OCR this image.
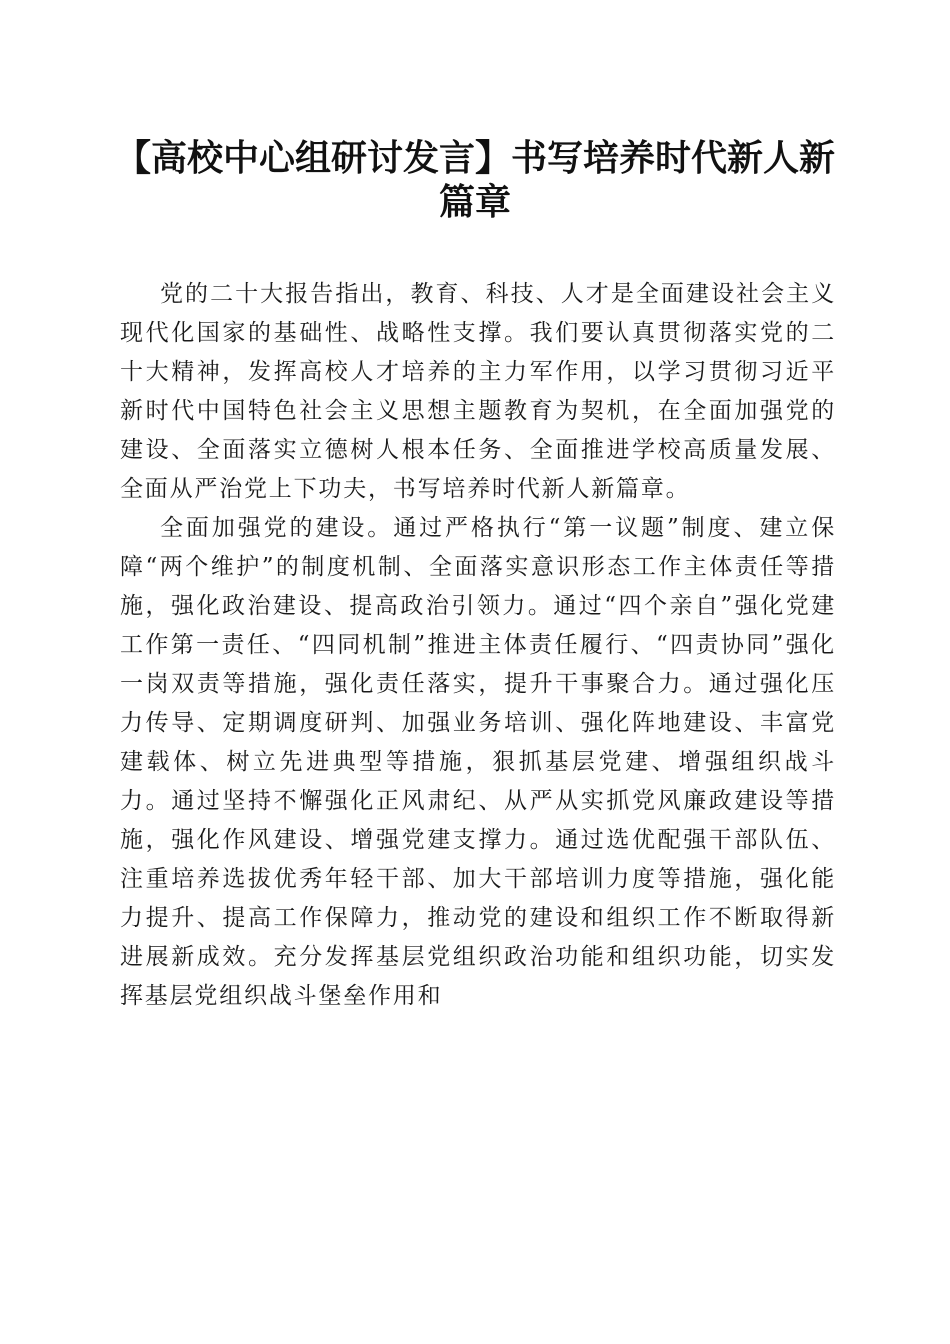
【高校中心组研讨发言】书写培养时代新人新篇章

党的二十大报告指出，教育、科技、人才是全面建设社会主义现代化国家的基础性、战略性支撑。我们要认真贯彻落实党的二十大精神，发挥高校人才培养的主力军作用，以学习贯彻习近平新时代中国特色社会主义思想主题教育为契机，在全面加强党的建设、全面落实立德树人根本任务、全面推进学校高质量发展、全面从严治党上下功夫，书写培养时代新人新篇章。

全面加强党的建设。通过严格执行“第一议题”制度、建立保障“两个维护”的制度机制、全面落实意识形态工作主体责任等措施，强化政治建设、提高政治引领力。通过“四个亲自”强化党建工作第一责任、“四同机制”推进主体责任履行、“四责协同”强化一岗双责等措施，强化责任落实，提升干事聚合力。通过强化压力传导、定期调度研判、加强业务培训、强化阵地建设、丰富党建载体、树立先进典型等措施，狠抓基层党建、增强组织战斗力。通过坚持不懈强化正风肃纪、从严从实抓党风廉政建设等措施，强化作风建设、增强党建支撑力。通过选优配强干部队伍、注重培养选拔优秀年轻干部、加大干部培训力度等措施，强化能力提升、提高工作保障力，推动党的建设和组织工作不断取得新进展新成效。充分发挥基层党组织政治功能和组织功能，切实发挥基层党组织战斗堡垒作用和
